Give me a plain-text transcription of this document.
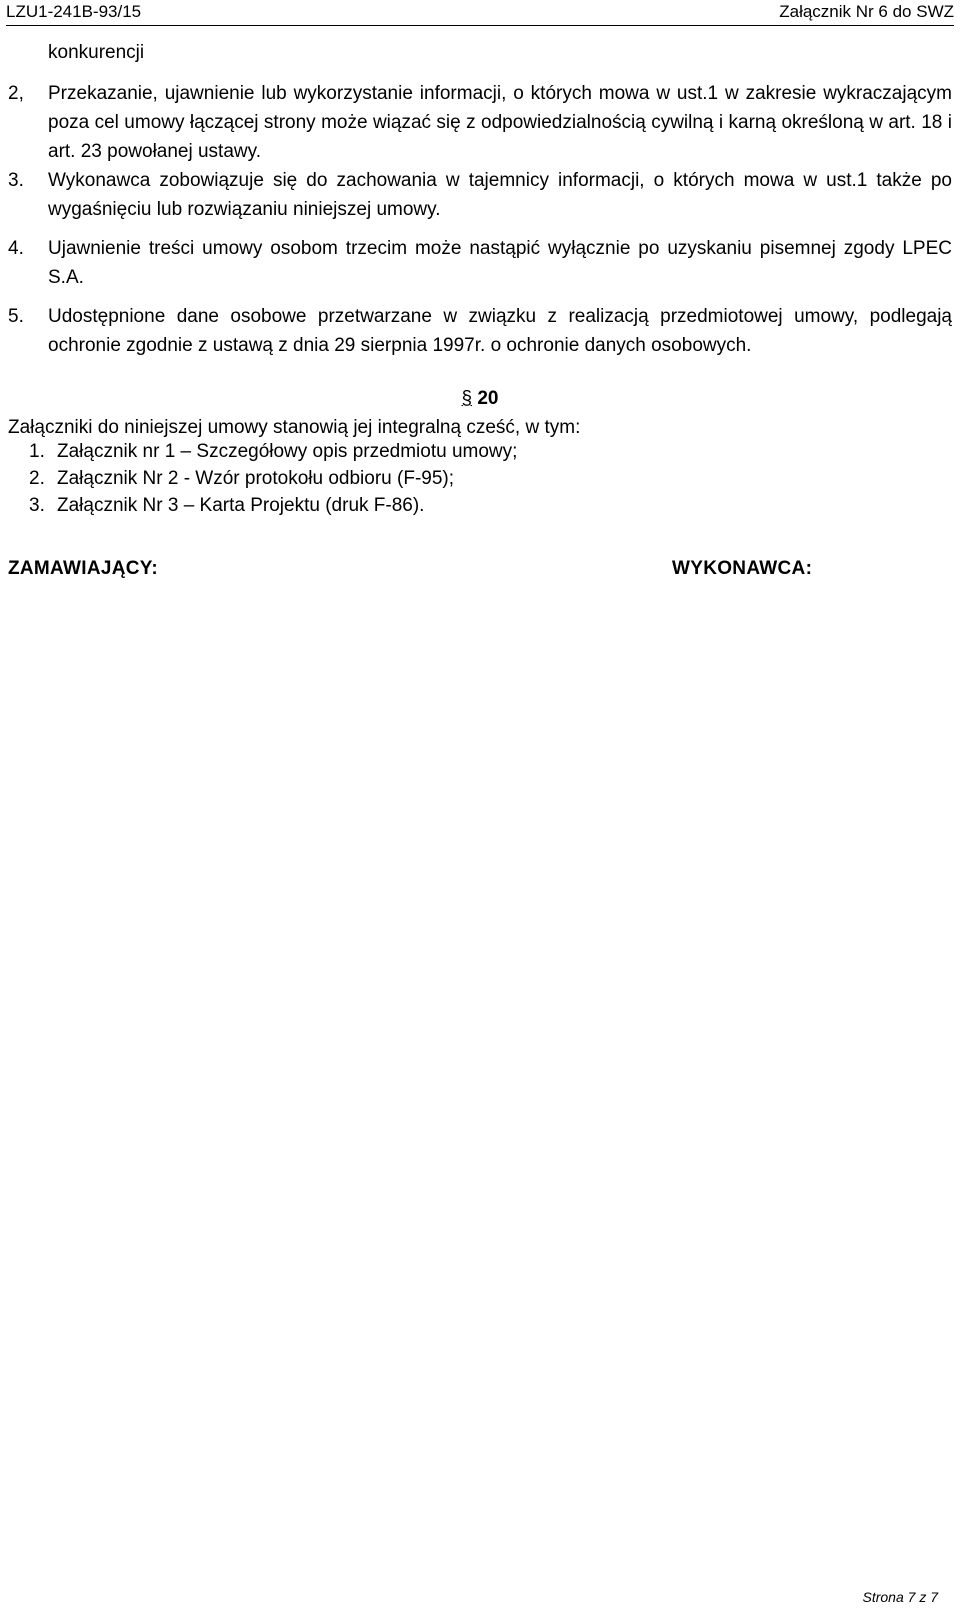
LZU1-241B-93/15	Załącznik Nr 6 do SWZ
konkurencji
2,	Przekazanie, ujawnienie lub wykorzystanie informacji, o których mowa w ust.1 w zakresie wykraczającym poza cel umowy łączącej strony może wiązać się z odpowiedzialnością cywilną i karną określoną w art. 18 i art. 23 powołanej ustawy.
3.	Wykonawca zobowiązuje się do zachowania w tajemnicy informacji, o których mowa w ust.1 także po wygaśnięciu lub rozwiązaniu niniejszej umowy.
4.	Ujawnienie treści umowy osobom trzecim może nastąpić wyłącznie po uzyskaniu pisemnej zgody LPEC S.A.
5.	Udostępnione dane osobowe przetwarzane w związku z realizacją przedmiotowej umowy, podlegają ochronie zgodnie z ustawą z dnia 29 sierpnia 1997r. o ochronie danych osobowych.
§ 20
Załączniki do niniejszej umowy stanowią jej integralną cześć, w tym:
1. Załącznik nr 1 – Szczegółowy opis przedmiotu umowy;
2. Załącznik Nr 2 - Wzór protokołu odbioru (F-95);
3. Załącznik Nr 3 – Karta Projektu (druk F-86).
ZAMAWIAJĄCY:	WYKONAWCA:
Strona 7 z 7
